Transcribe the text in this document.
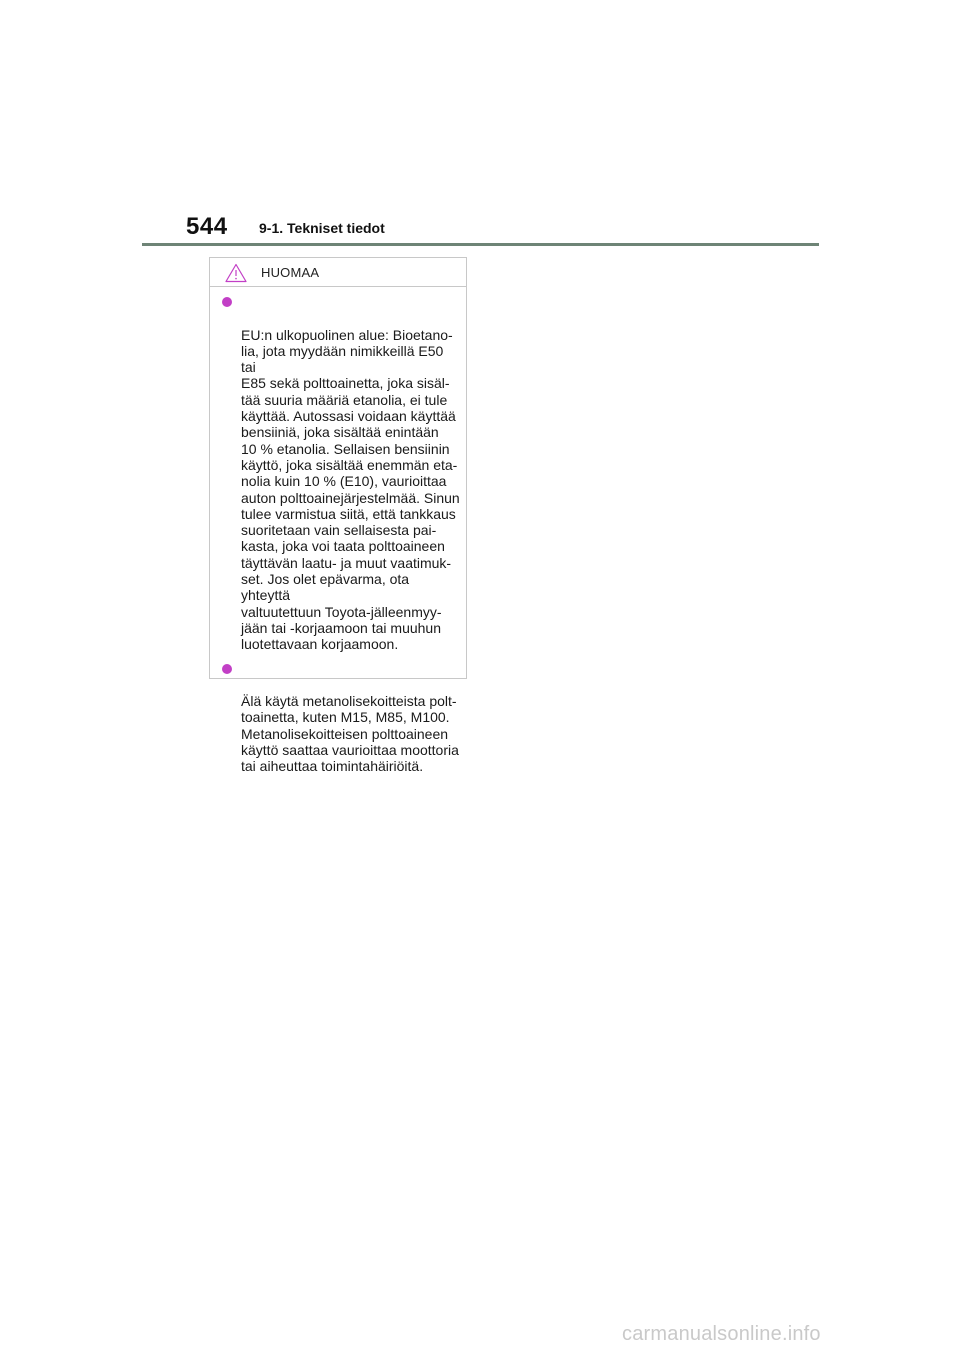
544 9-1. Tekniset tiedot
HUOMAA

EU:n ulkopuolinen alue: Bioetano-
lia, jota myydään nimikkeillä E50 tai
E85 sekä polttoainetta, joka sisäl-
tää suuria määriä etanolia, ei tule
käyttää. Autossasi voidaan käyttää
bensiiniä, joka sisältää enintään
10 % etanolia. Sellaisen bensiinin
käyttö, joka sisältää enemmän eta-
nolia kuin 10 % (E10), vaurioittaa
auton polttoainejärjestelmää. Sinun
tulee varmistua siitä, että tankkaus
suoritetaan vain sellaisesta pai-
kasta, joka voi taata polttoaineen
täyttävän laatu- ja muut vaatimuk-
set. Jos olet epävarma, ota yhteyttä
valtuutettuun Toyota-jälleenmyy-
jään tai -korjaamoon tai muuhun
luotettavaan korjaamoon.

Älä käytä metanolisekoitteista polt-
toainetta, kuten M15, M85, M100.
Metanolisekoitteisen polttoaineen
käyttö saattaa vaurioittaa moottoria
tai aiheuttaa toimintahäiriöitä.

carmanualsonline.info
